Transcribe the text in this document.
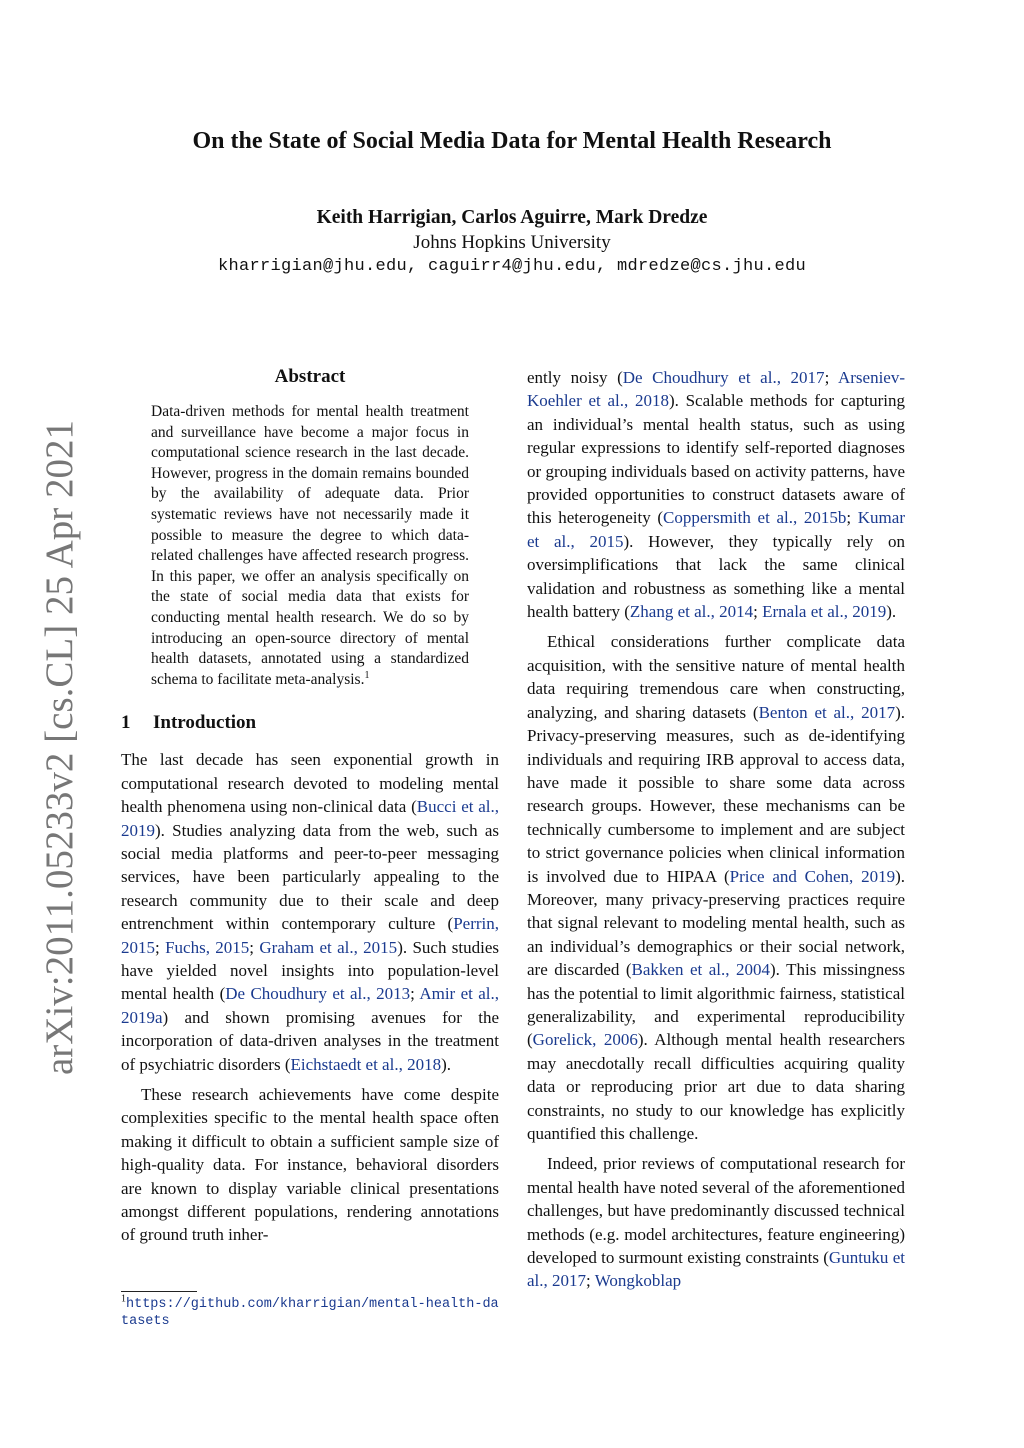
arXiv:2011.05233v2 [cs.CL] 25 Apr 2021
On the State of Social Media Data for Mental Health Research
Keith Harrigian, Carlos Aguirre, Mark Dredze
Johns Hopkins University
kharrigian@jhu.edu, caguirr4@jhu.edu, mdredze@cs.jhu.edu
Abstract
Data-driven methods for mental health treatment and surveillance have become a major focus in computational science research in the last decade. However, progress in the domain remains bounded by the availability of adequate data. Prior systematic reviews have not necessarily made it possible to measure the degree to which data-related challenges have affected research progress. In this paper, we offer an analysis specifically on the state of social media data that exists for conducting mental health research. We do so by introducing an open-source directory of mental health datasets, annotated using a standardized schema to facilitate meta-analysis.$^1$
1 Introduction

The last decade has seen exponential growth in computational research devoted to modeling mental health phenomena using non-clinical data (Bucci et al., 2019). Studies analyzing data from the web, such as social media platforms and peer-to-peer messaging services, have been particularly appealing to the research community due to their scale and deep entrenchment within contemporary culture (Perrin, 2015; Fuchs, 2015; Graham et al., 2015). Such studies have yielded novel insights into population-level mental health (De Choudhury et al., 2013; Amir et al., 2019a) and shown promising avenues for the incorporation of data-driven analyses in the treatment of psychiatric disorders (Eichstaedt et al., 2018).

These research achievements have come despite complexities specific to the mental health space often making it difficult to obtain a sufficient sample size of high-quality data. For instance, behavioral disorders are known to display variable clinical presentations amongst different populations, rendering annotations of ground truth inher-

ently noisy (De Choudhury et al., 2017; Arseniev-Koehler et al., 2018). Scalable methods for capturing an individual’s mental health status, such as using regular expressions to identify self-reported diagnoses or grouping individuals based on activity patterns, have provided opportunities to construct datasets aware of this heterogeneity (Coppersmith et al., 2015b; Kumar et al., 2015). However, they typically rely on oversimplifications that lack the same clinical validation and robustness as something like a mental health battery (Zhang et al., 2014; Ernala et al., 2019).

Ethical considerations further complicate data acquisition, with the sensitive nature of mental health data requiring tremendous care when constructing, analyzing, and sharing datasets (Benton et al., 2017). Privacy-preserving measures, such as de-identifying individuals and requiring IRB approval to access data, have made it possible to share some data across research groups. However, these mechanisms can be technically cumbersome to implement and are subject to strict governance policies when clinical information is involved due to HIPAA (Price and Cohen, 2019). Moreover, many privacy-preserving practices require that signal relevant to modeling mental health, such as an individual’s demographics or their social network, are discarded (Bakken et al., 2004). This missingness has the potential to limit algorithmic fairness, statistical generalizability, and experimental reproducibility (Gorelick, 2006). Although mental health researchers may anecdotally recall difficulties acquiring quality data or reproducing prior art due to data sharing constraints, no study to our knowledge has explicitly quantified this challenge.

Indeed, prior reviews of computational research for mental health have noted several of the aforementioned challenges, but have predominantly discussed technical methods (e.g. model architectures, feature engineering) developed to surmount existing constraints (Guntuku et al., 2017; Wongkoblap

$^1$https://github.com/kharrigian/mental-health-datasets
